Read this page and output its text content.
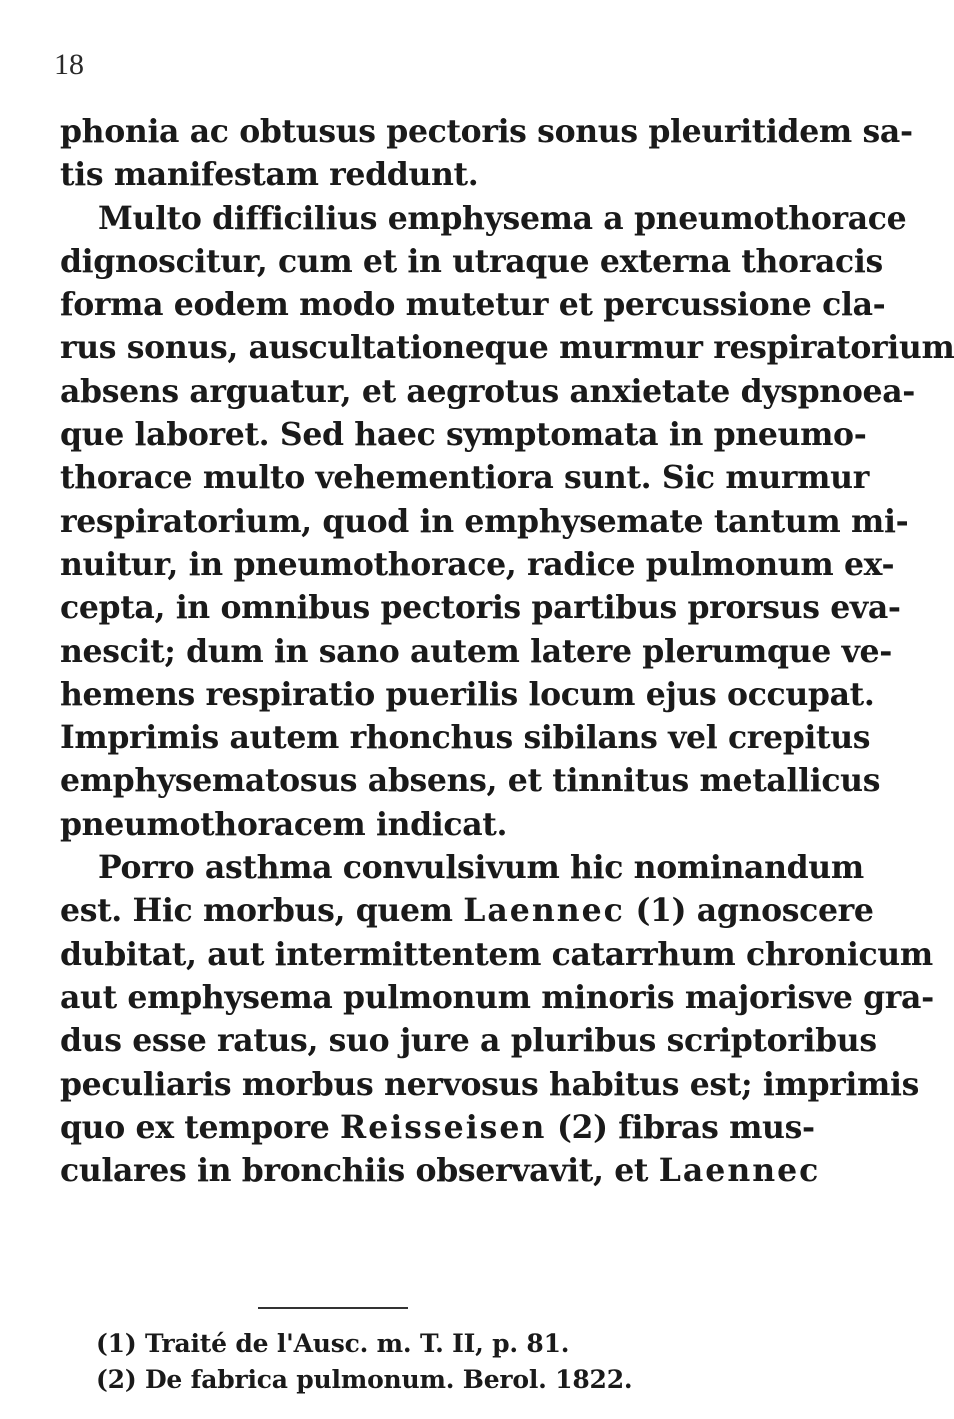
18
phonia ac obtusus pectoris sonus pleuritidem sa-
tis manifestam reddunt.
Multo difficilius emphysema a pneumothorace
dignoscitur, cum et in utraque externa thoracis
forma eodem modo mutetur et percussione cla-
rus sonus, auscultationeque murmur respiratorium
absens arguatur, et aegrotus anxietate dyspnoea-
que laboret. Sed haec symptomata in pneumo-
thorace multo vehementiora sunt. Sic murmur
respiratorium, quod in emphysemate tantum mi-
nuitur, in pneumothorace, radice pulmonum ex-
cepta, in omnibus pectoris partibus prorsus eva-
nescit; dum in sano autem latere plerumque ve-
hemens respiratio puerilis locum ejus occupat.
Imprimis autem rhonchus sibilans vel crepitus
emphysematosus absens, et tinnitus metallicus
pneumothoracem indicat.
Porro asthma convulsivum hic nominandum
est. Hic morbus, quem Laennec (1) agnoscere
dubitat, aut intermittentem catarrhum chronicum
aut emphysema pulmonum minoris majorisve gra-
dus esse ratus, suo jure a pluribus scriptoribus
peculiaris morbus nervosus habitus est; imprimis
quo ex tempore Reisseisen (2) fibras mus-
culares in bronchiis observavit, et Laennec
(1) Traité de l'Ausc. m. T. II, p. 81.
(2) De fabrica pulmonum. Berol. 1822.
